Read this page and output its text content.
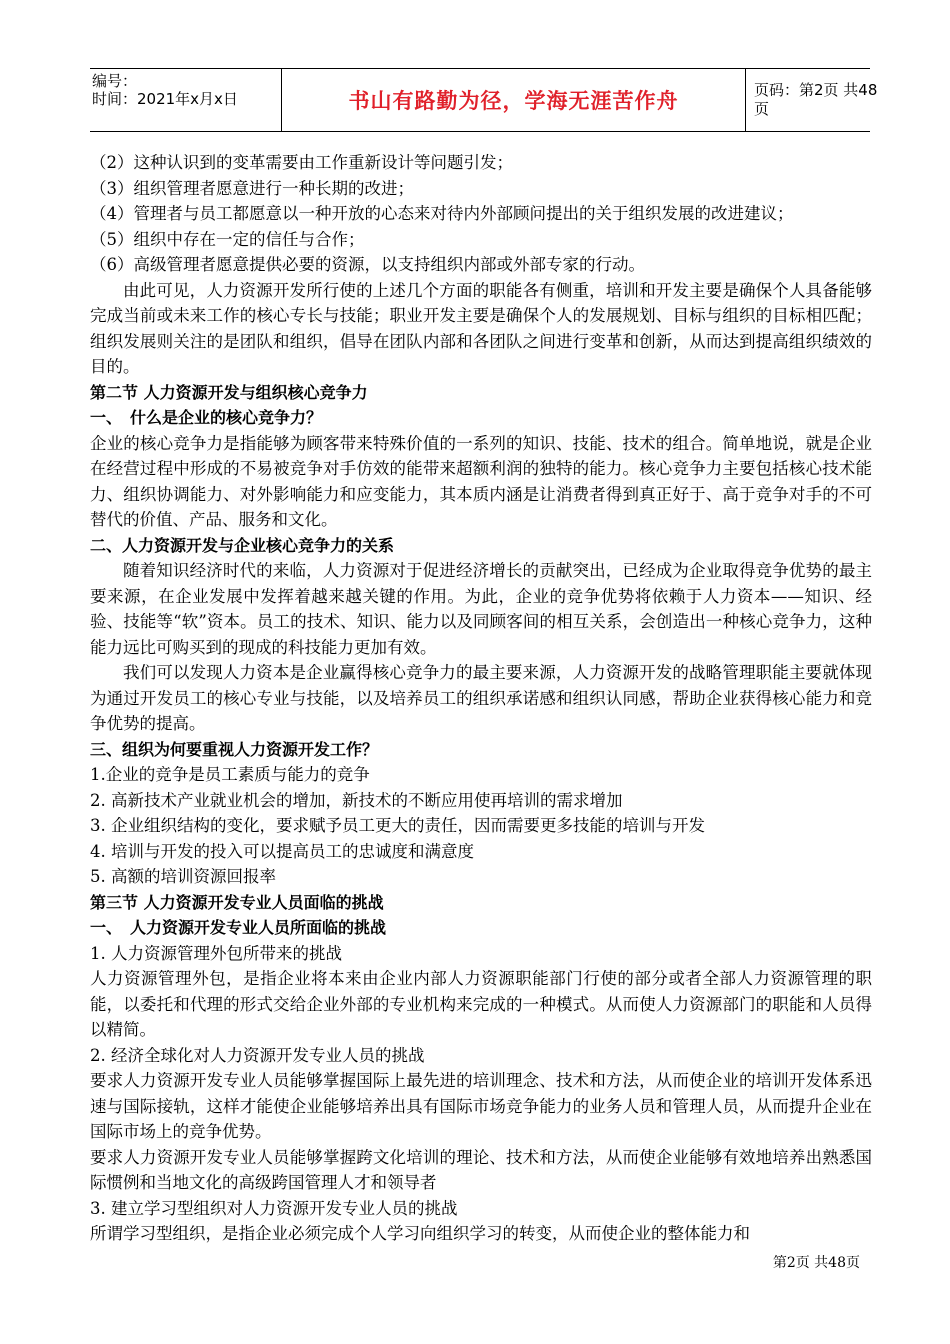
编号：
时间：2021年x月x日	书山有路勤为径，学海无涯苦作舟	页码：第2页 共48页

（2）这种认识到的变革需要由工作重新设计等问题引发；

（3）组织管理者愿意进行一种长期的改进；

（4）管理者与员工都愿意以一种开放的心态来对待内外部顾问提出的关于组织发展的改进建议；

（5）组织中存在一定的信任与合作；

（6）高级管理者愿意提供必要的资源，以支持组织内部或外部专家的行动。

由此可见，人力资源开发所行使的上述几个方面的职能各有侧重，培训和开发主要是确保个人具备能够完成当前或未来工作的核心专长与技能；职业开发主要是确保个人的发展规划、目标与组织的目标相匹配；组织发展则关注的是团队和组织，倡导在团队内部和各团队之间进行变革和创新，从而达到提高组织绩效的目的。

第二节 人力资源开发与组织核心竞争力

一、　什么是企业的核心竞争力？

企业的核心竞争力是指能够为顾客带来特殊价值的一系列的知识、技能、技术的组合。简单地说，就是企业在经营过程中形成的不易被竞争对手仿效的能带来超额利润的独特的能力。核心竞争力主要包括核心技术能力、组织协调能力、对外影响能力和应变能力，其本质内涵是让消费者得到真正好于、高于竞争对手的不可替代的价值、产品、服务和文化。

二、人力资源开发与企业核心竞争力的关系

随着知识经济时代的来临，人力资源对于促进经济增长的贡献突出，已经成为企业取得竞争优势的最主要来源，在企业发展中发挥着越来越关键的作用。为此，企业的竞争优势将依赖于人力资本——知识、经验、技能等“软”资本。员工的技术、知识、能力以及同顾客间的相互关系，会创造出一种核心竞争力，这种能力远比可购买到的现成的科技能力更加有效。

我们可以发现人力资本是企业赢得核心竞争力的最主要来源，人力资源开发的战略管理职能主要就体现为通过开发员工的核心专业与技能，以及培养员工的组织承诺感和组织认同感，帮助企业获得核心能力和竞争优势的提高。

三、组织为何要重视人力资源开发工作？

1.企业的竞争是员工素质与能力的竞争

2. 高新技术产业就业机会的增加，新技术的不断应用使再培训的需求增加

3. 企业组织结构的变化，要求赋予员工更大的责任，因而需要更多技能的培训与开发

4. 培训与开发的投入可以提高员工的忠诚度和满意度

5. 高额的培训资源回报率

第三节 人力资源开发专业人员面临的挑战

一、　人力资源开发专业人员所面临的挑战

1. 人力资源管理外包所带来的挑战

人力资源管理外包，是指企业将本来由企业内部人力资源职能部门行使的部分或者全部人力资源管理的职能，以委托和代理的形式交给企业外部的专业机构来完成的一种模式。从而使人力资源部门的职能和人员得以精简。

2. 经济全球化对人力资源开发专业人员的挑战

要求人力资源开发专业人员能够掌握国际上最先进的培训理念、技术和方法，从而使企业的培训开发体系迅速与国际接轨，这样才能使企业能够培养出具有国际市场竞争能力的业务人员和管理人员，从而提升企业在国际市场上的竞争优势。

要求人力资源开发专业人员能够掌握跨文化培训的理论、技术和方法，从而使企业能够有效地培养出熟悉国际惯例和当地文化的高级跨国管理人才和领导者

3. 建立学习型组织对人力资源开发专业人员的挑战

所谓学习型组织，是指企业必须完成个人学习向组织学习的转变，从而使企业的整体能力和

第2页 共48页
